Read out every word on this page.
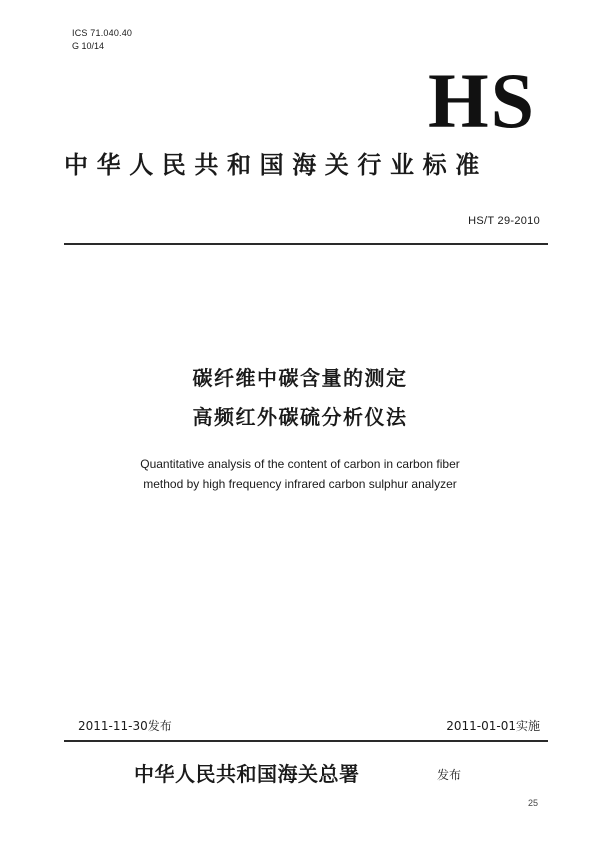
ICS 71.040.40
G 10/14
HS
中华人民共和国海关行业标准
HS/T 29-2010
碳纤维中碳含量的测定
高频红外碳硫分析仪法
Quantitative analysis of the content of carbon in carbon fiber
method by high frequency infrared carbon sulphur analyzer
2011-11-30发布	2011-01-01实施
中华人民共和国海关总署	发布
25
